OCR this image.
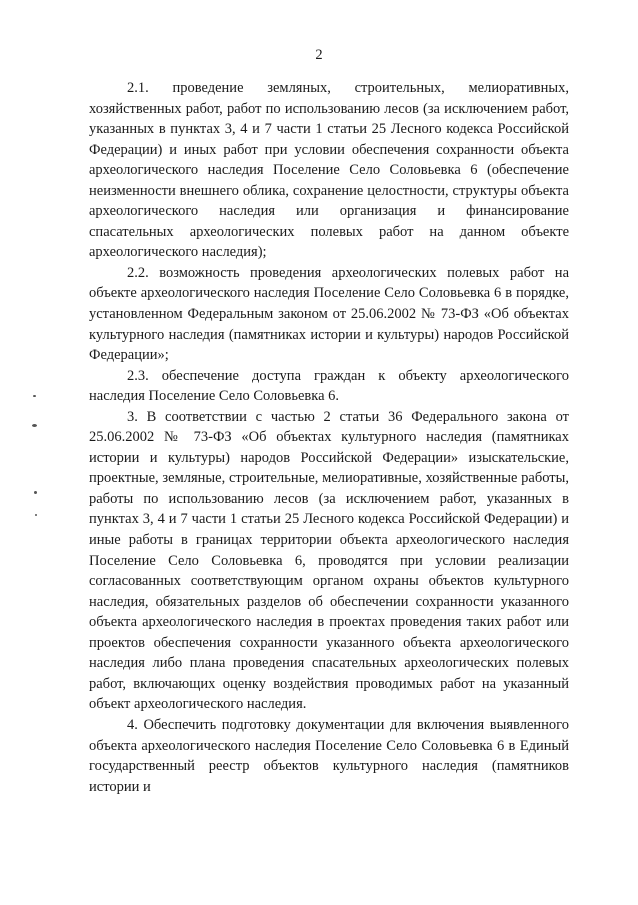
2

2.1. проведение земляных, строительных, мелиоративных, хозяйственных работ, работ по использованию лесов (за исключением работ, указанных в пунктах 3, 4 и 7 части 1 статьи 25 Лесного кодекса Российской Федерации) и иных работ при условии обеспечения сохранности объекта археологического наследия Поселение Село Соловьевка 6 (обеспечение неизменности внешнего облика, сохранение целостности, структуры объекта археологического наследия или организация и финансирование спасательных археологических полевых работ на данном объекте археологического наследия);

2.2. возможность проведения археологических полевых работ на объекте археологического наследия Поселение Село Соловьевка 6 в порядке, установленном Федеральным законом от 25.06.2002 № 73-ФЗ «Об объектах культурного наследия (памятниках истории и культуры) народов Российской Федерации»;

2.3. обеспечение доступа граждан к объекту археологического наследия Поселение Село Соловьевка 6.

3. В соответствии с частью 2 статьи 36 Федерального закона от 25.06.2002 № 73-ФЗ «Об объектах культурного наследия (памятниках истории и культуры) народов Российской Федерации» изыскательские, проектные, земляные, строительные, мелиоративные, хозяйственные работы, работы по использованию лесов (за исключением работ, указанных в пунктах 3, 4 и 7 части 1 статьи 25 Лесного кодекса Российской Федерации) и иные работы в границах территории объекта археологического наследия Поселение Село Соловьевка 6, проводятся при условии реализации согласованных соответствующим органом охраны объектов культурного наследия, обязательных разделов об обеспечении сохранности указанного объекта археологического наследия в проектах проведения таких работ или проектов обеспечения сохранности указанного объекта археологического наследия либо плана проведения спасательных археологических полевых работ, включающих оценку воздействия проводимых работ на указанный объект археологического наследия.

4. Обеспечить подготовку документации для включения выявленного объекта археологического наследия Поселение Село Соловьевка 6 в Единый государственный реестр объектов культурного наследия (памятников истории и
